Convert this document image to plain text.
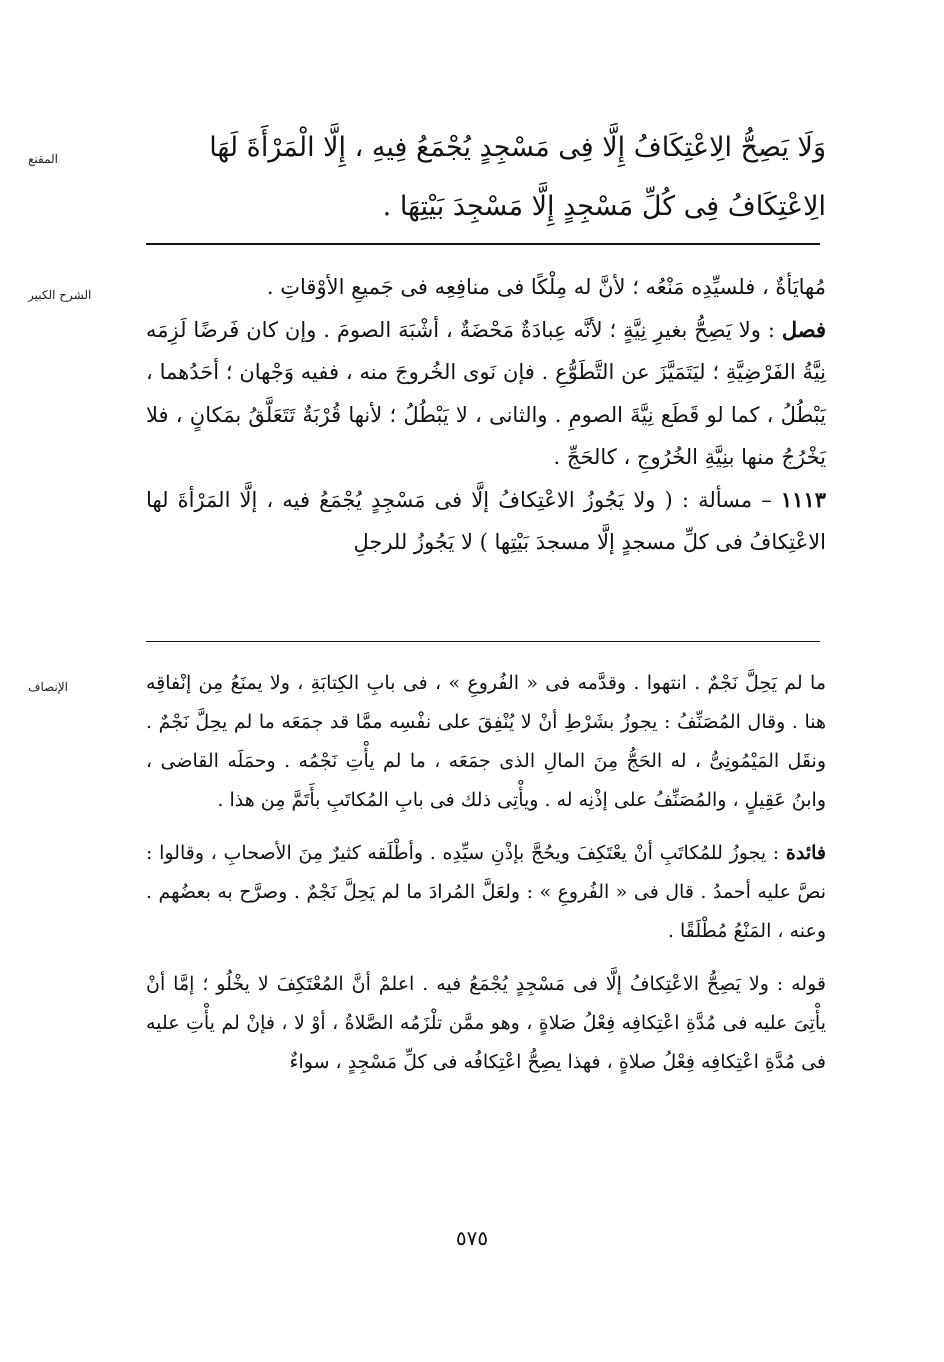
المقنع	وَلَا يَصِحُّ الِاعْتِكَافُ إِلَّا فِى مَسْجِدٍ يُجْمَعُ فِيهِ ، إِلَّا الْمَرْأَةَ لَهَا
الِاعْتِكَافُ فِى كُلِّ مَسْجِدٍ إِلَّا مَسْجِدَ بَيْتِهَا .
الشرح الكبير	مُهايَأةٌ ، فلسيِّدِه مَنْعُه ؛ لأنَّ له مِلْكًا فى منافِعِه فى جَميعِ الأوْقاتِ .
فصل : ولا يَصِحُّ بغيرِ نِيَّةٍ ؛ لأنَّه عِبادَةٌ مَحْضَةٌ ، أشْبَهَ الصومَ . وإن كان فَرضًا لَزِمَه نِيَّةُ الفَرْضِيَّةِ ؛ ليَتَمَيَّزَ عن التَّطَوُّعِ . فإن نَوى الخُروجَ منه ، ففيه وَجْهان ؛ أحَدُهما ، يَبْطُلُ ، كما لو قَطَع نِيَّةَ الصومِ . والثانى ، لا يَبْطُلُ ؛ لأنها قُرْبَةٌ تَتَعَلَّقُ بمَكانٍ ، فلا يَخْرُجُ منها بنِيَّةِ الخُرُوجِ ، كالحَجِّ .
١١١٣ – مسألة : ( ولا يَجُوزُ الاعْتِكافُ إلَّا فى مَسْجِدٍ يُجْمَعُ فيه ، إلَّا المَرْأةَ لها الاعْتِكافُ فى كلِّ مسجدٍ إلَّا مسجدَ بَيْتِها ) لا يَجُوزُ للرجلِ
الإنصاف	ما لم يَحِلَّ نَجْمٌ . انتهوا . وقدَّمه فى « الفُروعِ » ، فى بابِ الكِتابَةِ ، ولا يمنَعُ مِن إنْفاقِه هنا . وقال المُصَنِّفُ : يجوزُ بشَرْطِ أنْ لا يُنْفِقَ على نفْسِه ممَّا قد جمَعَه ما لم يحِلَّ نَجْمٌ . ونقَل المَيْمُونِىُّ ، له الحَجُّ مِنَ المالِ الذى جمَعَه ، ما لم يأْتِ نَجْمُه . وحمَلَه القاضى ، وابنُ عَقِيلٍ ، والمُصَنِّفُ على إذْنِه له . ويأْتِى ذلك فى بابِ المُكاتَبِ بأَتَمَّ مِن هذا .
فائدة : يجوزُ للمُكاتَبِ أنْ يعْتَكِفَ ويحُجَّ بإذْنِ سيِّدِه . وأطْلَقه كثيرٌ مِنَ الأصحابِ ، وقالوا : نصَّ عليه أحمدُ . قال فى « الفُروعِ » : ولعَلَّ المُرادَ ما لم يَحِلَّ نَجْمٌ . وصرَّح به بعضُهم . وعنه ، المَنْعُ مُطْلَقًا .
قوله : ولا يَصِحُّ الاعْتِكافُ إلَّا فى مَسْجِدٍ يُجْمَعُ فيه . اعلمْ أنَّ المُعْتَكِفَ لا يخْلُو ؛ إمَّا أنْ يأْتِىَ عليه فى مُدَّةِ اعْتِكافِه فِعْلُ صَلاةٍ ، وهو ممَّن تلْزَمُه الصَّلاةُ ، أوْ لا ، فإنْ لم يأْتِ عليه فى مُدَّةِ اعْتِكافِه فِعْلُ صلاةٍ ، فهذا يصِحُّ اعْتِكافُه فى كلِّ مَسْجِدٍ ، سواءٌ
٥٧٥
